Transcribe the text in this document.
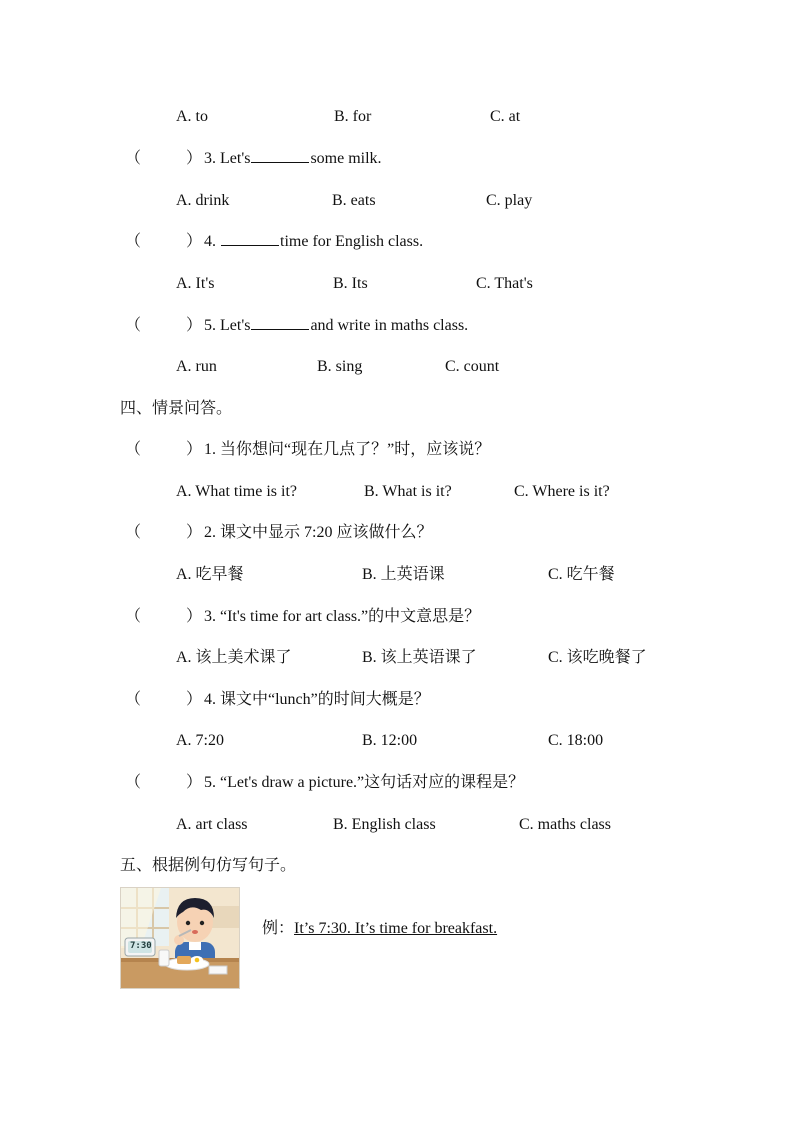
A. to	B. for	C. at
（	） 3. Let's	some milk.
A. drink	B. eats	C. play
（	） 4.	time for English class.
A. It's	B. Its	C. That's
（	） 5. Let's	and write in maths class.
A. run	B. sing	C. count
四、情景问答。
（	） 1. 当你想问“现在几点了？”时，应该说？
A. What time is it?	B. What is it?	C. Where is it?
（	） 2. 课文中显示 7:20 应该做什么？
A. 吃早餐	B. 上英语课	C. 吃午餐
（	） 3. “It's time for art class.”的中文意思是？
A. 该上美术课了	B. 该上英语课了	C. 该吃晚餐了
（	） 4. 课文中“lunch”的时间大概是？
A. 7:20	B. 12:00	C. 18:00
（	） 5. “Let's draw a picture.”这句话对应的课程是？
A. art class	B. English class	C. maths class
五、根据例句仿写句子。
7:30
例：It’s 7:30. It’s time for breakfast.
